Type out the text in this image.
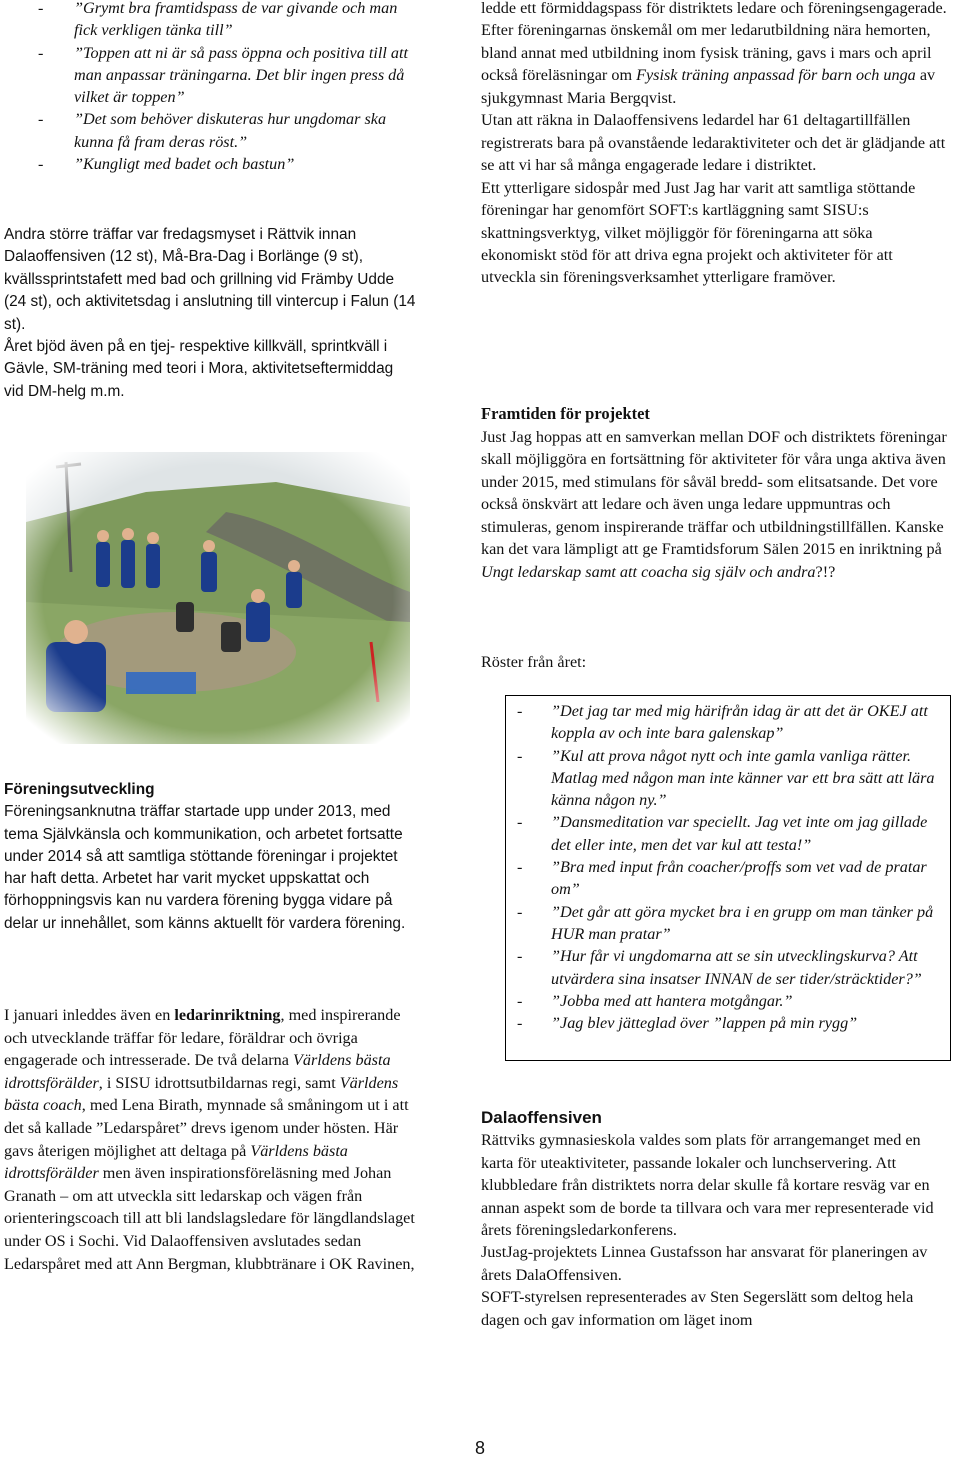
- ”Grymt bra framtidspass de var givande och man fick verkligen tänka till”
- ”Toppen att ni är så pass öppna och positiva till att man anpassar träningarna. Det blir ingen press då vilket är toppen”
- ”Det som behöver diskuteras hur ungdomar ska kunna få fram deras röst.”
- ”Kungligt med badet och bastun”

Andra större träffar var fredagsmyset i Rättvik innan Dalaoffensiven (12 st), Må-Bra-Dag i Borlänge (9 st), kvällssprintstafett med bad och grillning vid Främby Udde (24 st), och aktivitetsdag i anslutning till vintercup i Falun (14 st).

Året bjöd även på en tjej- respektive killkväll, sprintkväll i Gävle, SM-träning med teori i Mora, aktivitetseftermiddag vid DM-helg m.m.

Föreningsutveckling

Föreningsanknutna träffar startade upp under 2013, med tema Självkänsla och kommunikation, och arbetet fortsatte under 2014 så att samtliga stöttande föreningar i projektet har haft detta. Arbetet har varit mycket uppskattat och förhoppningsvis kan nu vardera förening bygga vidare på delar ur innehållet, som känns aktuellt för vardera förening.

I januari inleddes även en ledarinriktning, med inspirerande och utvecklande träffar för ledare, föräldrar och övriga engagerade och intresserade. De två delarna Världens bästa idrottsförälder, i SISU idrottsutbildarnas regi, samt Världens bästa coach, med Lena Birath, mynnade så småningom ut i att det så kallade ”Ledarspåret” drevs igenom under hösten. Här gavs återigen möjlighet att deltaga på Världens bästa idrottsförälder men även inspirationsföreläsning med Johan Granath – om att utveckla sitt ledarskap och vägen från orienteringscoach till att bli landslagsledare för längdlandslaget under OS i Sochi. Vid Dalaoffensiven avslutades sedan Ledarspåret med att Ann Bergman, klubbtränare i OK Ravinen,

ledde ett förmiddagspass för distriktets ledare och föreningsengagerade.

Efter föreningarnas önskemål om mer ledarutbildning nära hemorten, bland annat med utbildning inom fysisk träning, gavs i mars och april också föreläsningar om Fysisk träning anpassad för barn och unga av sjukgymnast Maria Bergqvist.

Utan att räkna in Dalaoffensivens ledardel har 61 deltagartillfällen registrerats bara på ovanstående ledaraktiviteter och det är glädjande att se att vi har så många engagerade ledare i distriktet.

Ett ytterligare sidospår med Just Jag har varit att samtliga stöttande föreningar har genomfört SOFT:s kartläggning samt SISU:s skattningsverktyg, vilket möjliggör för föreningarna att söka ekonomiskt stöd för att driva egna projekt och aktiviteter för att utveckla sin föreningsverksamhet ytterligare framöver.

Framtiden för projektet

Just Jag hoppas att en samverkan mellan DOF och distriktets föreningar skall möjliggöra en fortsättning för aktiviteter för våra unga aktiva även under 2015, med stimulans för såväl bredd- som elitsatsande. Det vore också önskvärt att ledare och även unga ledare uppmuntras och stimuleras, genom inspirerande träffar och utbildningstillfällen. Kanske kan det vara lämpligt att ge Framtidsforum Sälen 2015 en inriktning på Ungt ledarskap samt att coacha sig själv och andra?!?

Röster från året:
- ”Det jag tar med mig härifrån idag är att det är OKEJ att koppla av och inte bara galenskap”
- ”Kul att prova något nytt och inte gamla vanliga rätter. Matlag med någon man inte känner var ett bra sätt att lära känna någon ny.”
- ”Dansmeditation var speciellt. Jag vet inte om jag gillade det eller inte, men det var kul att testa!”
- ”Bra med input från coacher/proffs som vet vad de pratar om”
- ”Det går att göra mycket bra i en grupp om man tänker på HUR man pratar”
- ”Hur får vi ungdomarna att se sin utvecklingskurva? Att utvärdera sina insatser INNAN de ser tider/sträcktider?”
- ”Jobba med att hantera motgångar.”
- ”Jag blev jätteglad över ”lappen på min rygg”

Dalaoffensiven

Rättviks gymnasieskola valdes som plats för arrangemanget med en karta för uteaktiviteter, passande lokaler och lunchservering. Att klubbledare från distriktets norra delar skulle få kortare resväg var en annan aspekt som de borde ta tillvara och vara mer representerade vid årets föreningsledarkonferens.

JustJag-projektets Linnea Gustafsson har ansvarat för planeringen av årets DalaOffensiven.

SOFT-styrelsen representerades av Sten Segerslätt som deltog hela dagen och gav information om läget inom

8
